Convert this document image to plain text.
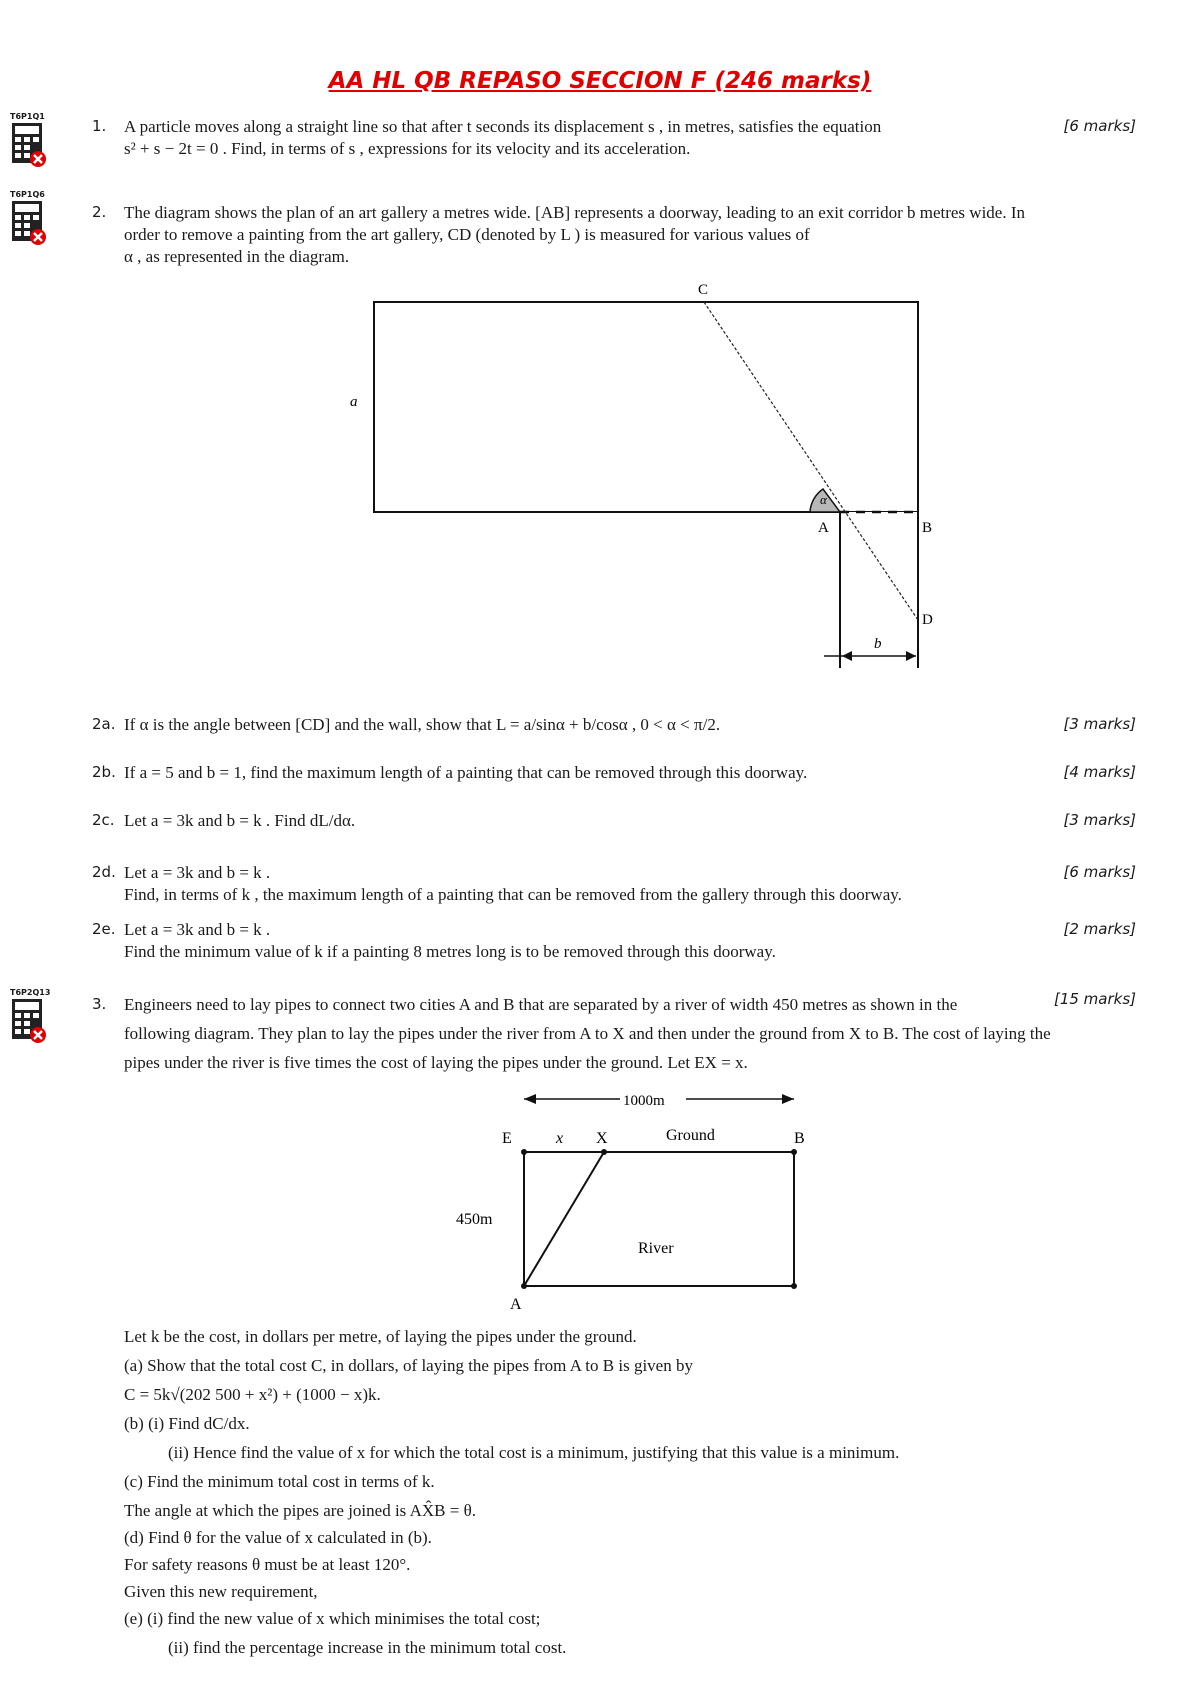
AA HL QB REPASO SECCION F (246 marks)
T6P1Q1
T6P1Q6
T6P2Q13
1. A particle moves along a straight line so that after t seconds its displacement s , in metres, satisfies the equation
s² + s − 2t = 0 . Find, in terms of s , expressions for its velocity and its acceleration.
[6 marks]
2. The diagram shows the plan of an art gallery a metres wide. [AB] represents a doorway, leading to an exit corridor b metres wide. In
order to remove a painting from the art gallery, CD (denoted by L ) is measured for various values of
α , as represented in the diagram.
C
a
α
A	B
D
b
2a. If α is the angle between [CD] and the wall, show that L = a/sinα + b/cosα , 0 < α < π/2.	[3 marks]
2b. If a = 5 and b = 1, find the maximum length of a painting that can be removed through this doorway.	[4 marks]
2c. Let a = 3k and b = k . Find dL/dα.	[3 marks]
2d. Let a = 3k and b = k .
Find, in terms of k , the maximum length of a painting that can be removed from the gallery through this doorway.
[6 marks]
2e. Let a = 3k and b = k .
Find the minimum value of k if a painting 8 metres long is to be removed through this doorway.
[2 marks]
3. Engineers need to lay pipes to connect two cities A and B that are separated by a river of width 450 metres as shown in the
following diagram. They plan to lay the pipes under the river from A to X and then under the ground from X to B. The cost of laying the
pipes under the river is five times the cost of laying the pipes under the ground. Let EX = x.
[15 marks]
1000m
E	x X	Ground	B
450m
River
A
Let k be the cost, in dollars per metre, of laying the pipes under the ground.
(a) Show that the total cost C, in dollars, of laying the pipes from A to B is given by
C = 5k√(202 500 + x²) + (1000 − x)k.
(b) (i) Find dC/dx.
(ii) Hence find the value of x for which the total cost is a minimum, justifying that this value is a minimum.
(c) Find the minimum total cost in terms of k.
The angle at which the pipes are joined is AX̂B = θ.
(d) Find θ for the value of x calculated in (b).
For safety reasons θ must be at least 120°.
Given this new requirement,
(e) (i) find the new value of x which minimises the total cost;
(ii) find the percentage increase in the minimum total cost.
